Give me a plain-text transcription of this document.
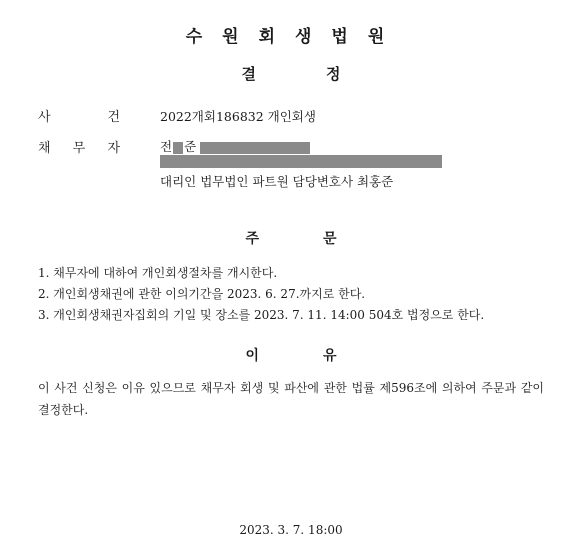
수원회생법원
결	정
사	건	2022개회186832 개인회생
채 무 자	전 준
대리인 법무법인 파트원 담당변호사 최홍준
주	문
1. 채무자에 대하여 개인회생절차를 개시한다.
2. 개인회생채권에 관한 이의기간을 2023. 6. 27.까지로 한다.
3. 개인회생채권자집회의 기일 및 장소를 2023. 7. 11. 14:00 504호 법정으로 한다.
이	유
이 사건 신청은 이유 있으므로 채무자 회생 및 파산에 관한 법률 제596조에 의하여 주문과 같이 결정한다.
2023. 3. 7. 18:00
